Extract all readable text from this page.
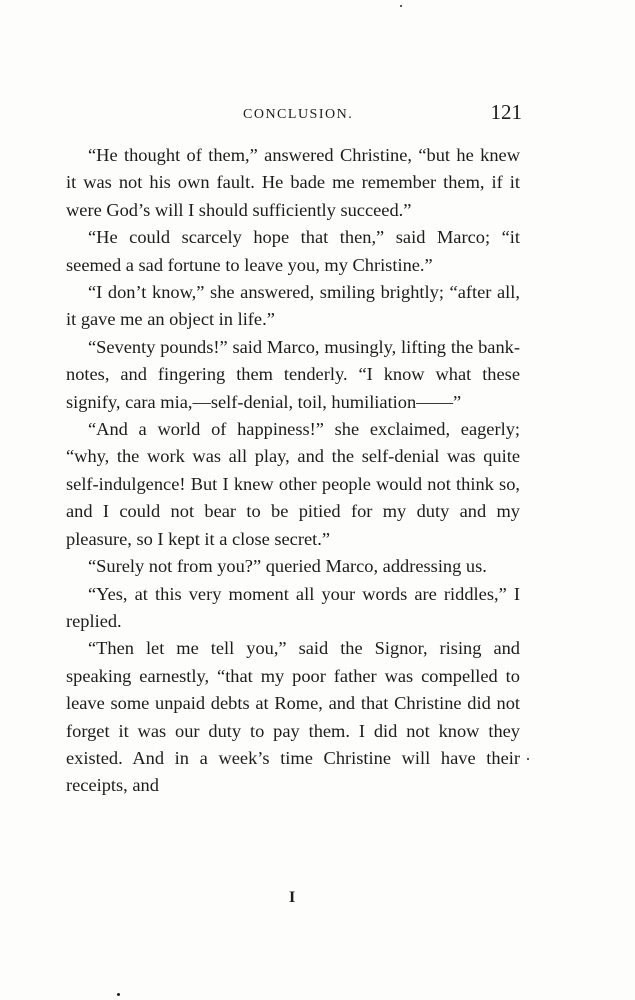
CONCLUSION.	121

“He thought of them,” answered Christine, “but he knew it was not his own fault. He bade me remember them, if it were God’s will I should sufficiently succeed.”

“He could scarcely hope that then,” said Marco; “it seemed a sad fortune to leave you, my Christine.”

“I don’t know,” she answered, smiling brightly; “after all, it gave me an object in life.”

“Seventy pounds!” said Marco, musingly, lifting the bank-notes, and fingering them tenderly. “I know what these signify, cara mia,—self-denial, toil, humiliation——”

“And a world of happiness!” she exclaimed, eagerly; “why, the work was all play, and the self-denial was quite self-indulgence! But I knew other people would not think so, and I could not bear to be pitied for my duty and my pleasure, so I kept it a close secret.”

“Surely not from you?” queried Marco, addressing us.

“Yes, at this very moment all your words are riddles,” I replied.

“Then let me tell you,” said the Signor, rising and speaking earnestly, “that my poor father was compelled to leave some unpaid debts at Rome, and that Christine did not forget it was our duty to pay them. I did not know they existed. And in a week’s time Christine will have their receipts, and

I
